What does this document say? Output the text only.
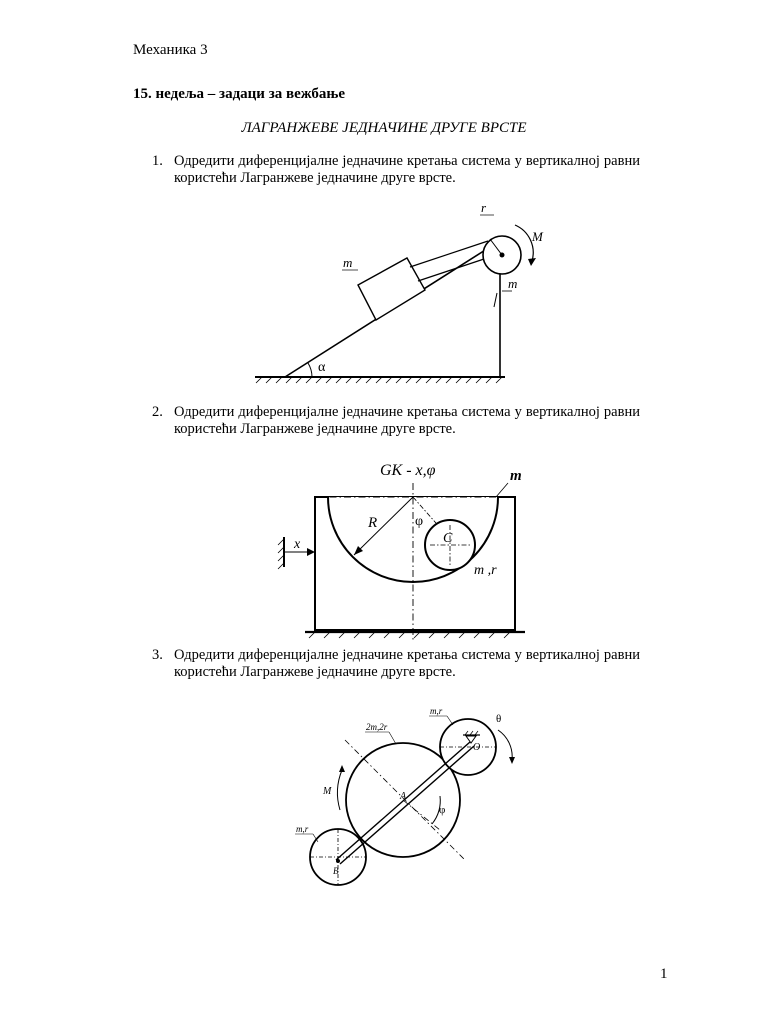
Механика 3
15. недеља – задаци за вежбање
ЛАГРАНЖЕВЕ ЈЕДНАЧИНЕ ДРУГЕ ВРСТЕ
1. Одредити диференцијалне једначине кретања система у вертикалној равни користећи Лагранжеве једначине друге врсте.
r
M
m
m
α
2. Одредити диференцијалне једначине кретања система у вертикалној равни користећи Лагранжеве једначине друге врсте.
GK - x,φ	m
R	φ
C
m ,r
x
3. Одредити диференцијалне једначине кретања система у вертикалној равни користећи Лагранжеве једначине друге врсте.
2m,2r
m,r
θ
O
M	A
φ
m,r
B
1
